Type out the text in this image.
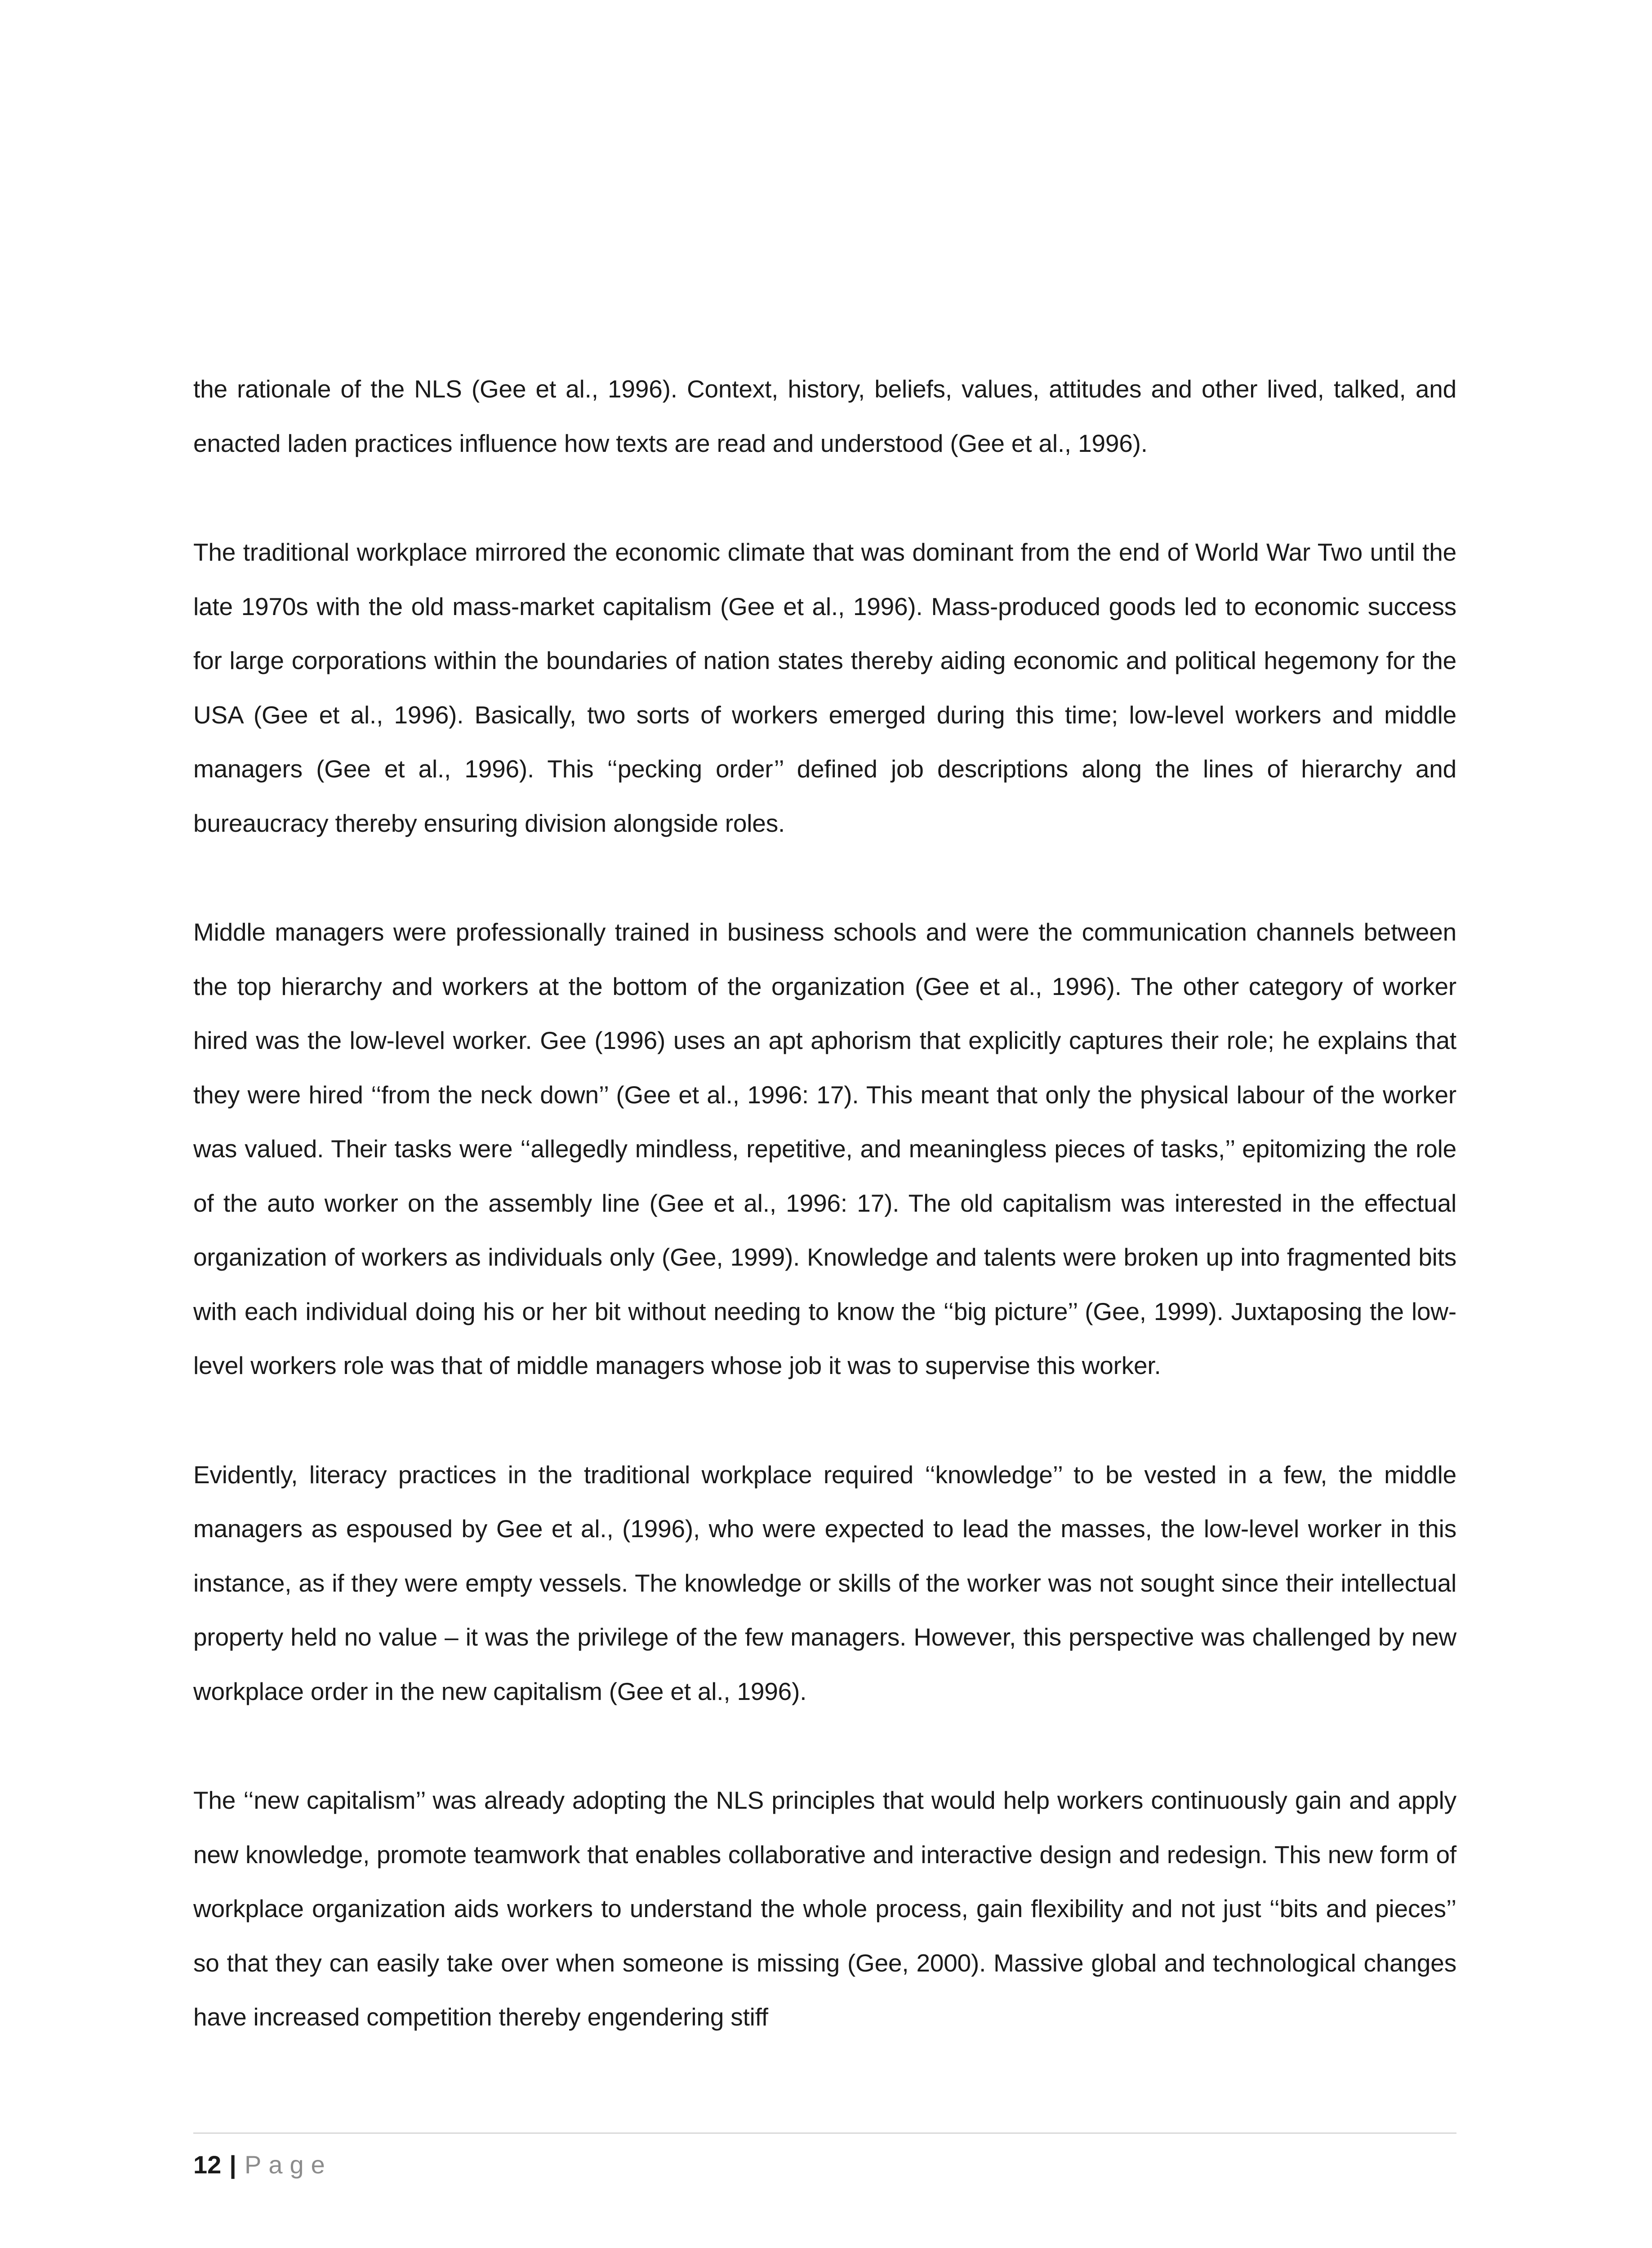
the rationale of the NLS (Gee et al., 1996). Context, history, beliefs, values, attitudes and other lived, talked, and enacted laden practices influence how texts are read and understood (Gee et al., 1996).

The traditional workplace mirrored the economic climate that was dominant from the end of World War Two until the late 1970s with the old mass-market capitalism (Gee et al., 1996). Mass-produced goods led to economic success for large corporations within the boundaries of nation states thereby aiding economic and political hegemony for the USA (Gee et al., 1996). Basically, two sorts of workers emerged during this time; low-level workers and middle managers (Gee et al., 1996). This ‘‘pecking order’’ defined job descriptions along the lines of hierarchy and bureaucracy thereby ensuring division alongside roles.

Middle managers were professionally trained in business schools and were the communication channels between the top hierarchy and workers at the bottom of the organization (Gee et al., 1996). The other category of worker hired was the low-level worker. Gee (1996) uses an apt aphorism that explicitly captures their role; he explains that they were hired ‘‘from the neck down’’ (Gee et al., 1996: 17). This meant that only the physical labour of the worker was valued. Their tasks were ‘‘allegedly mindless, repetitive, and meaningless pieces of tasks,’’ epitomizing the role of the auto worker on the assembly line (Gee et al., 1996: 17). The old capitalism was interested in the effectual organization of workers as individuals only (Gee, 1999). Knowledge and talents were broken up into fragmented bits with each individual doing his or her bit without needing to know the ‘‘big picture’’ (Gee, 1999). Juxtaposing the low-level workers role was that of middle managers whose job it was to supervise this worker.

Evidently, literacy practices in the traditional workplace required ‘‘knowledge’’ to be vested in a few, the middle managers as espoused by Gee et al., (1996), who were expected to lead the masses, the low-level worker in this instance, as if they were empty vessels. The knowledge or skills of the worker was not sought since their intellectual property held no value – it was the privilege of the few managers. However, this perspective was challenged by new workplace order in the new capitalism (Gee et al., 1996).

The ‘‘new capitalism’’ was already adopting the NLS principles that would help workers continuously gain and apply new knowledge, promote teamwork that enables collaborative and interactive design and redesign. This new form of workplace organization aids workers to understand the whole process, gain flexibility and not just ‘‘bits and pieces’’ so that they can easily take over when someone is missing (Gee, 2000). Massive global and technological changes have increased competition thereby engendering stiff

12 | Page
